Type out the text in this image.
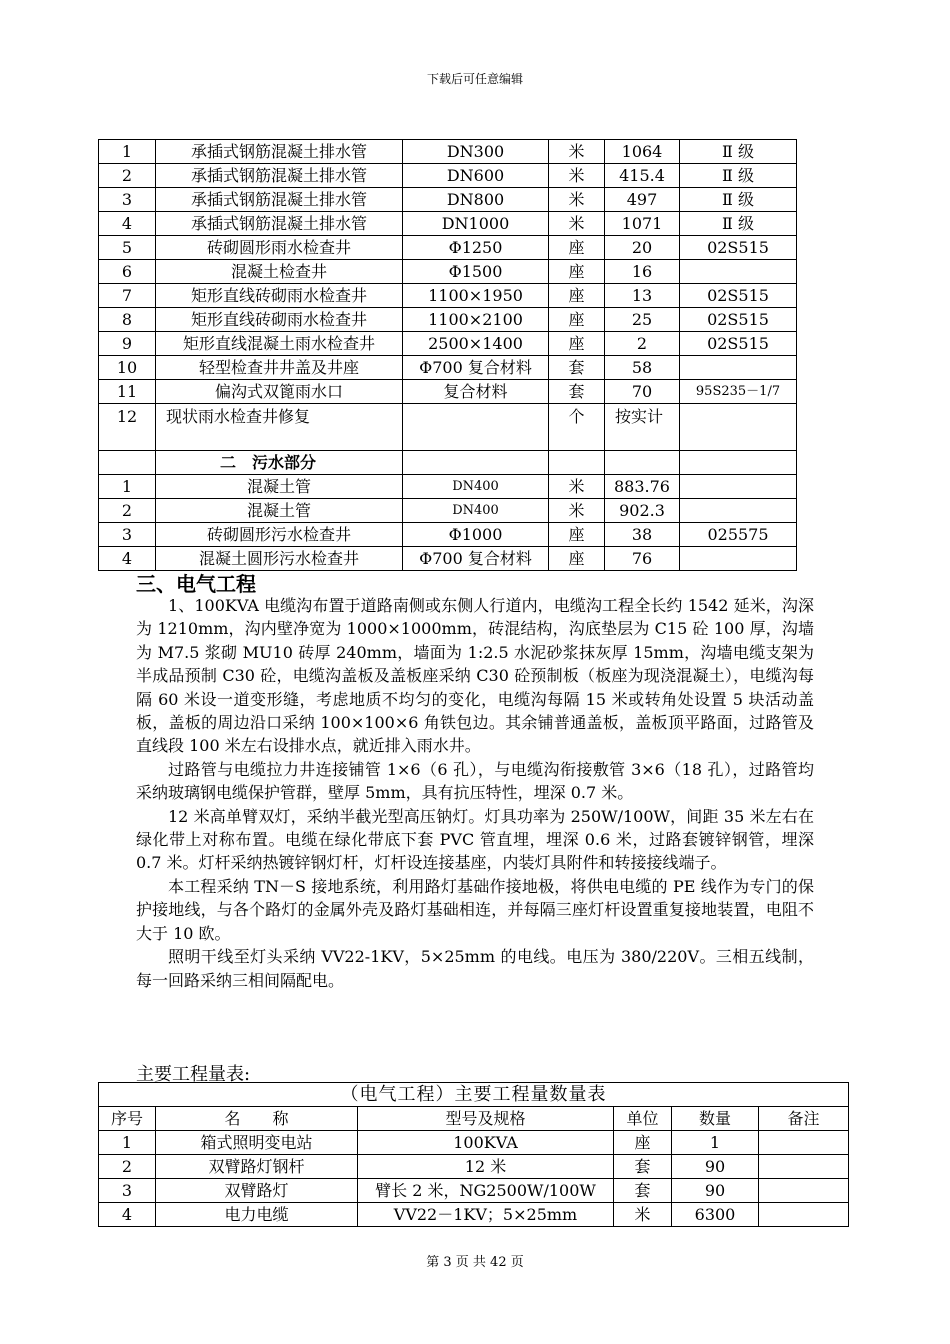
下载后可任意编辑
1	承插式钢筋混凝土排水管	DN300	米	1064	Ⅱ 级
2	承插式钢筋混凝土排水管	DN600	米	415.4	Ⅱ 级
3	承插式钢筋混凝土排水管	DN800	米	497	Ⅱ 级
4	承插式钢筋混凝土排水管	DN1000	米	1071	Ⅱ 级
5	砖砌圆形雨水检查井	Φ1250	座	20	02S515
6	混凝土检查井	Φ1500	座	16	
7	矩形直线砖砌雨水检查井	1100×1950	座	13	02S515
8	矩形直线砖砌雨水检查井	1100×2100	座	25	02S515
9	矩形直线混凝土雨水检查井	2500×1400	座	2	02S515
10	轻型检查井井盖及井座	Φ700 复合材料	套	58	
11	偏沟式双篦雨水口	复合材料	套	70	95S235－1/7
12	现状雨水检查井修复		个	按实计	
	二　污水部分				
1	混凝土管	DN400	米	883.76	
2	混凝土管	DN400	米	902.3	
3	砖砌圆形污水检查井	Φ1000	座	38	025575
4	混凝土圆形污水检查井	Φ700 复合材料	座	76	
三、电气工程

1、100KVA 电缆沟布置于道路南侧或东侧人行道内，电缆沟工程全长约 1542 延米，沟深为 1210mm，沟内壁净宽为 1000×1000mm，砖混结构，沟底垫层为 C15 砼 100 厚，沟墙为 M7.5 浆砌 MU10 砖厚 240mm，墙面为 1:2.5 水泥砂浆抹灰厚 15mm，沟墙电缆支架为半成品预制 C30 砼，电缆沟盖板及盖板座采纳 C30 砼预制板（板座为现浇混凝土），电缆沟每隔 60 米设一道变形缝，考虑地质不均匀的变化，电缆沟每隔 15 米或转角处设置 5 块活动盖板，盖板的周边沿口采纳 100×100×6 角铁包边。其余铺普通盖板，盖板顶平路面，过路管及直线段 100 米左右设排水点，就近排入雨水井。

过路管与电缆拉力井连接铺管 1×6（6 孔），与电缆沟衔接敷管 3×6（18 孔），过路管均采纳玻璃钢电缆保护管群，壁厚 5mm，具有抗压特性，埋深 0.7 米。

12 米高单臂双灯，采纳半截光型高压钠灯。灯具功率为 250W/100W，间距 35 米左右在绿化带上对称布置。电缆在绿化带底下套 PVC 管直埋，埋深 0.6 米，过路套镀锌钢管，埋深 0.7 米。灯杆采纳热镀锌钢灯杆，灯杆设连接基座，内装灯具附件和转接接线端子。

本工程采纳 TN－S 接地系统，利用路灯基础作接地极，将供电电缆的 PE 线作为专门的保护接地线，与各个路灯的金属外壳及路灯基础相连，并每隔三座灯杆设置重复接地装置，电阻不大于 10 欧。

照明干线至灯头采纳 VV22-1KV，5×25mm 的电线。电压为 380/220V。三相五线制，每一回路采纳三相间隔配电。

主要工程量表:
（电气工程）主要工程量数量表					
序号	名　　称	型号及规格	单位	数量	备注
1	箱式照明变电站	100KVA	座	1	
2	双臂路灯钢杆	12 米	套	90	
3	双臂路灯	臂长 2 米，NG2500W/100W	套	90	
4	电力电缆	VV22－1KV；5×25mm	米	6300	
第 3 页 共 42 页
